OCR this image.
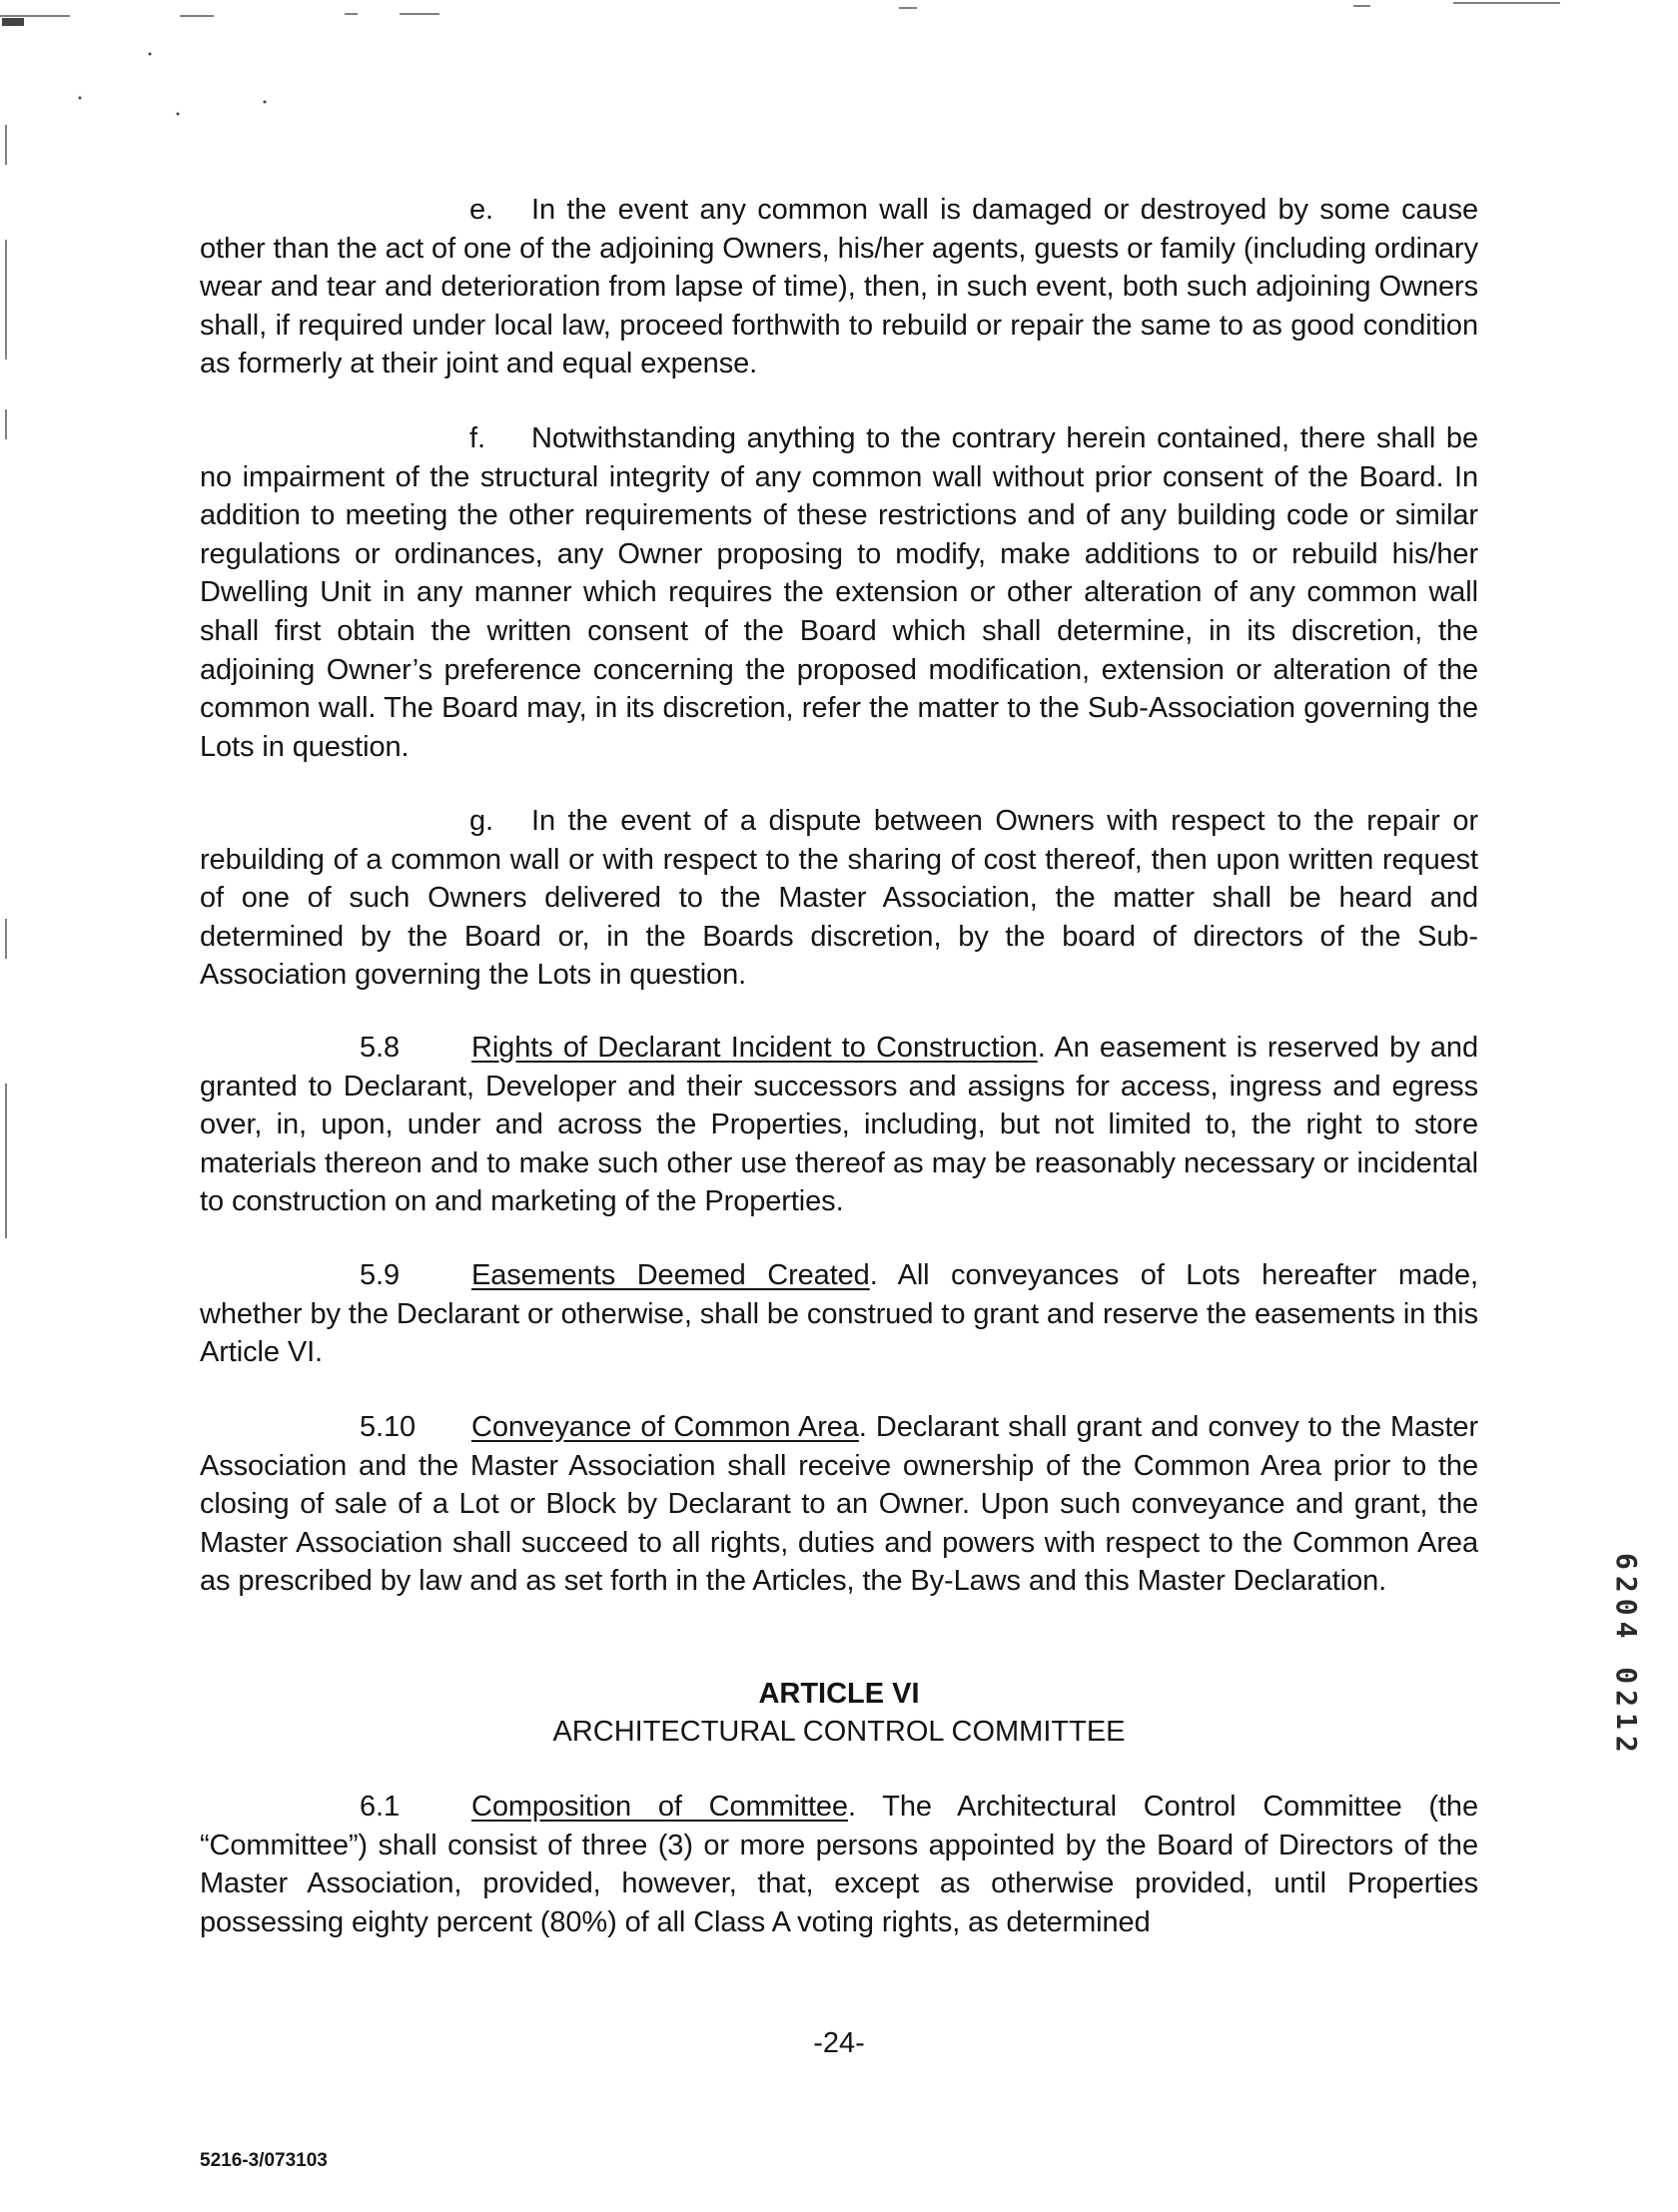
e. In the event any common wall is damaged or destroyed by some cause other than the act of one of the adjoining Owners, his/her agents, guests or family (including ordinary wear and tear and deterioration from lapse of time), then, in such event, both such adjoining Owners shall, if required under local law, proceed forthwith to rebuild or repair the same to as good condition as formerly at their joint and equal expense.

f. Notwithstanding anything to the contrary herein contained, there shall be no impairment of the structural integrity of any common wall without prior consent of the Board. In addition to meeting the other requirements of these restrictions and of any building code or similar regulations or ordinances, any Owner proposing to modify, make additions to or rebuild his/her Dwelling Unit in any manner which requires the extension or other alteration of any common wall shall first obtain the written consent of the Board which shall determine, in its discretion, the adjoining Owner’s preference concerning the proposed modification, extension or alteration of the common wall. The Board may, in its discretion, refer the matter to the Sub-Association governing the Lots in question.

g. In the event of a dispute between Owners with respect to the repair or rebuilding of a common wall or with respect to the sharing of cost thereof, then upon written request of one of such Owners delivered to the Master Association, the matter shall be heard and determined by the Board or, in the Boards discretion, by the board of directors of the Sub-Association governing the Lots in question.

5.8 Rights of Declarant Incident to Construction. An easement is reserved by and granted to Declarant, Developer and their successors and assigns for access, ingress and egress over, in, upon, under and across the Properties, including, but not limited to, the right to store materials thereon and to make such other use thereof as may be reasonably necessary or incidental to construction on and marketing of the Properties.

5.9 Easements Deemed Created. All conveyances of Lots hereafter made, whether by the Declarant or otherwise, shall be construed to grant and reserve the easements in this Article VI.

5.10 Conveyance of Common Area. Declarant shall grant and convey to the Master Association and the Master Association shall receive ownership of the Common Area prior to the closing of sale of a Lot or Block by Declarant to an Owner. Upon such conveyance and grant, the Master Association shall succeed to all rights, duties and powers with respect to the Common Area as prescribed by law and as set forth in the Articles, the By-Laws and this Master Declaration.

ARTICLE VI
ARCHITECTURAL CONTROL COMMITTEE

6.1 Composition of Committee. The Architectural Control Committee (the “Committee”) shall consist of three (3) or more persons appointed by the Board of Directors of the Master Association, provided, however, that, except as otherwise provided, until Properties possessing eighty percent (80%) of all Class A voting rights, as determined

-24-
5216-3/073103
6204 0212
